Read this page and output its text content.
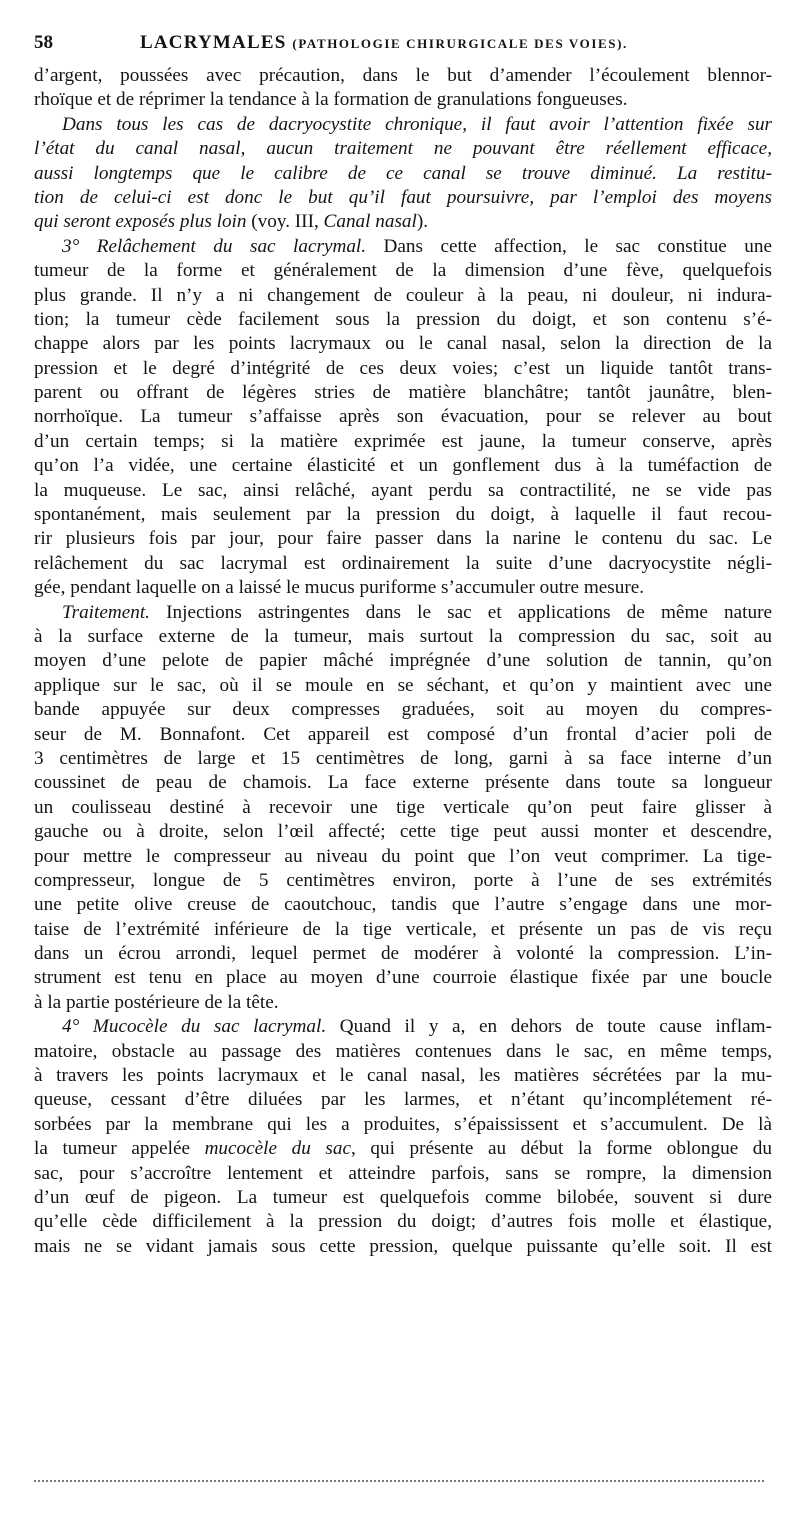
58	LACRYMALES (PATHOLOGIE CHIRURGICALE DES VOIES).
d’argent, poussées avec précaution, dans le but d’amender l’écoulement blennor-
rhoïque et de réprimer la tendance à la formation de granulations fongueuses.
Dans tous les cas de dacryocystite chronique, il faut avoir l’attention fixée sur
l’état du canal nasal, aucun traitement ne pouvant être réellement efficace,
aussi longtemps que le calibre de ce canal se trouve diminué. La restitu-
tion de celui-ci est donc le but qu’il faut poursuivre, par l’emploi des moyens
qui seront exposés plus loin (voy. III, Canal nasal).
3° Relâchement du sac lacrymal. Dans cette affection, le sac constitue une
tumeur de la forme et généralement de la dimension d’une fève, quelquefois
plus grande. Il n’y a ni changement de couleur à la peau, ni douleur, ni indura-
tion; la tumeur cède facilement sous la pression du doigt, et son contenu s’é-
chappe alors par les points lacrymaux ou le canal nasal, selon la direction de la
pression et le degré d’intégrité de ces deux voies; c’est un liquide tantôt trans-
parent ou offrant de légères stries de matière blanchâtre; tantôt jaunâtre, blen-
norrhoïque. La tumeur s’affaisse après son évacuation, pour se relever au bout
d’un certain temps; si la matière exprimée est jaune, la tumeur conserve, après
qu’on l’a vidée, une certaine élasticité et un gonflement dus à la tuméfaction de
la muqueuse. Le sac, ainsi relâché, ayant perdu sa contractilité, ne se vide pas
spontanément, mais seulement par la pression du doigt, à laquelle il faut recou-
rir plusieurs fois par jour, pour faire passer dans la narine le contenu du sac. Le
relâchement du sac lacrymal est ordinairement la suite d’une dacryocystite négli-
gée, pendant laquelle on a laissé le mucus puriforme s’accumuler outre mesure.
Traitement. Injections astringentes dans le sac et applications de même nature
à la surface externe de la tumeur, mais surtout la compression du sac, soit au
moyen d’une pelote de papier mâché imprégnée d’une solution de tannin, qu’on
applique sur le sac, où il se moule en se séchant, et qu’on y maintient avec une
bande appuyée sur deux compresses graduées, soit au moyen du compres-
seur de M. Bonnafont. Cet appareil est composé d’un frontal d’acier poli de
3 centimètres de large et 15 centimètres de long, garni à sa face interne d’un
coussinet de peau de chamois. La face externe présente dans toute sa longueur
un coulisseau destiné à recevoir une tige verticale qu’on peut faire glisser à
gauche ou à droite, selon l’œil affecté; cette tige peut aussi monter et descendre,
pour mettre le compresseur au niveau du point que l’on veut comprimer. La tige-
compresseur, longue de 5 centimètres environ, porte à l’une de ses extrémités
une petite olive creuse de caoutchouc, tandis que l’autre s’engage dans une mor-
taise de l’extrémité inférieure de la tige verticale, et présente un pas de vis reçu
dans un écrou arrondi, lequel permet de modérer à volonté la compression. L’in-
strument est tenu en place au moyen d’une courroie élastique fixée par une boucle
à la partie postérieure de la tête.
4° Mucocèle du sac lacrymal. Quand il y a, en dehors de toute cause inflam-
matoire, obstacle au passage des matières contenues dans le sac, en même temps,
à travers les points lacrymaux et le canal nasal, les matières sécrétées par la mu-
queuse, cessant d’être diluées par les larmes, et n’étant qu’incomplétement ré-
sorbées par la membrane qui les a produites, s’épaississent et s’accumulent. De là
la tumeur appelée mucocèle du sac, qui présente au début la forme oblongue du
sac, pour s’accroître lentement et atteindre parfois, sans se rompre, la dimension
d’un œuf de pigeon. La tumeur est quelquefois comme bilobée, souvent si dure
qu’elle cède difficilement à la pression du doigt; d’autres fois molle et élastique,
mais ne se vidant jamais sous cette pression, quelque puissante qu’elle soit. Il est
